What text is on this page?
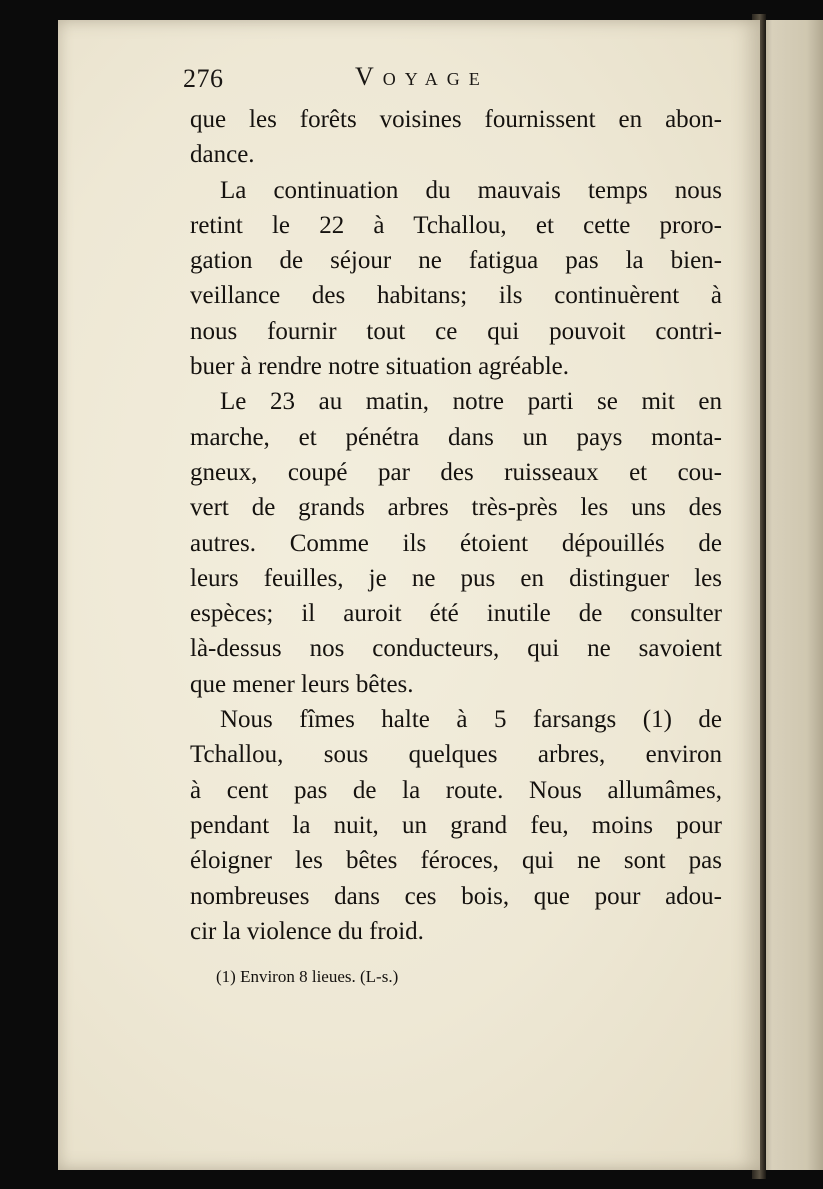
276	Voyage
que les forêts voisines fournissent en abon-
dance.
La continuation du mauvais temps nous
retint le 22 à Tchallou, et cette proro-
gation de séjour ne fatigua pas la bien-
veillance des habitans; ils continuèrent à
nous fournir tout ce qui pouvoit contri-
buer à rendre notre situation agréable.
Le 23 au matin, notre parti se mit en
marche, et pénétra dans un pays monta-
gneux, coupé par des ruisseaux et cou-
vert de grands arbres très-près les uns des
autres. Comme ils étoient dépouillés de
leurs feuilles, je ne pus en distinguer les
espèces; il auroit été inutile de consulter
là-dessus nos conducteurs, qui ne savoient
que mener leurs bêtes.
Nous fîmes halte à 5 farsangs (1) de
Tchallou, sous quelques arbres, environ
à cent pas de la route. Nous allumâmes,
pendant la nuit, un grand feu, moins pour
éloigner les bêtes féroces, qui ne sont pas
nombreuses dans ces bois, que pour adou-
cir la violence du froid.
(1) Environ 8 lieues. (L-s.)
